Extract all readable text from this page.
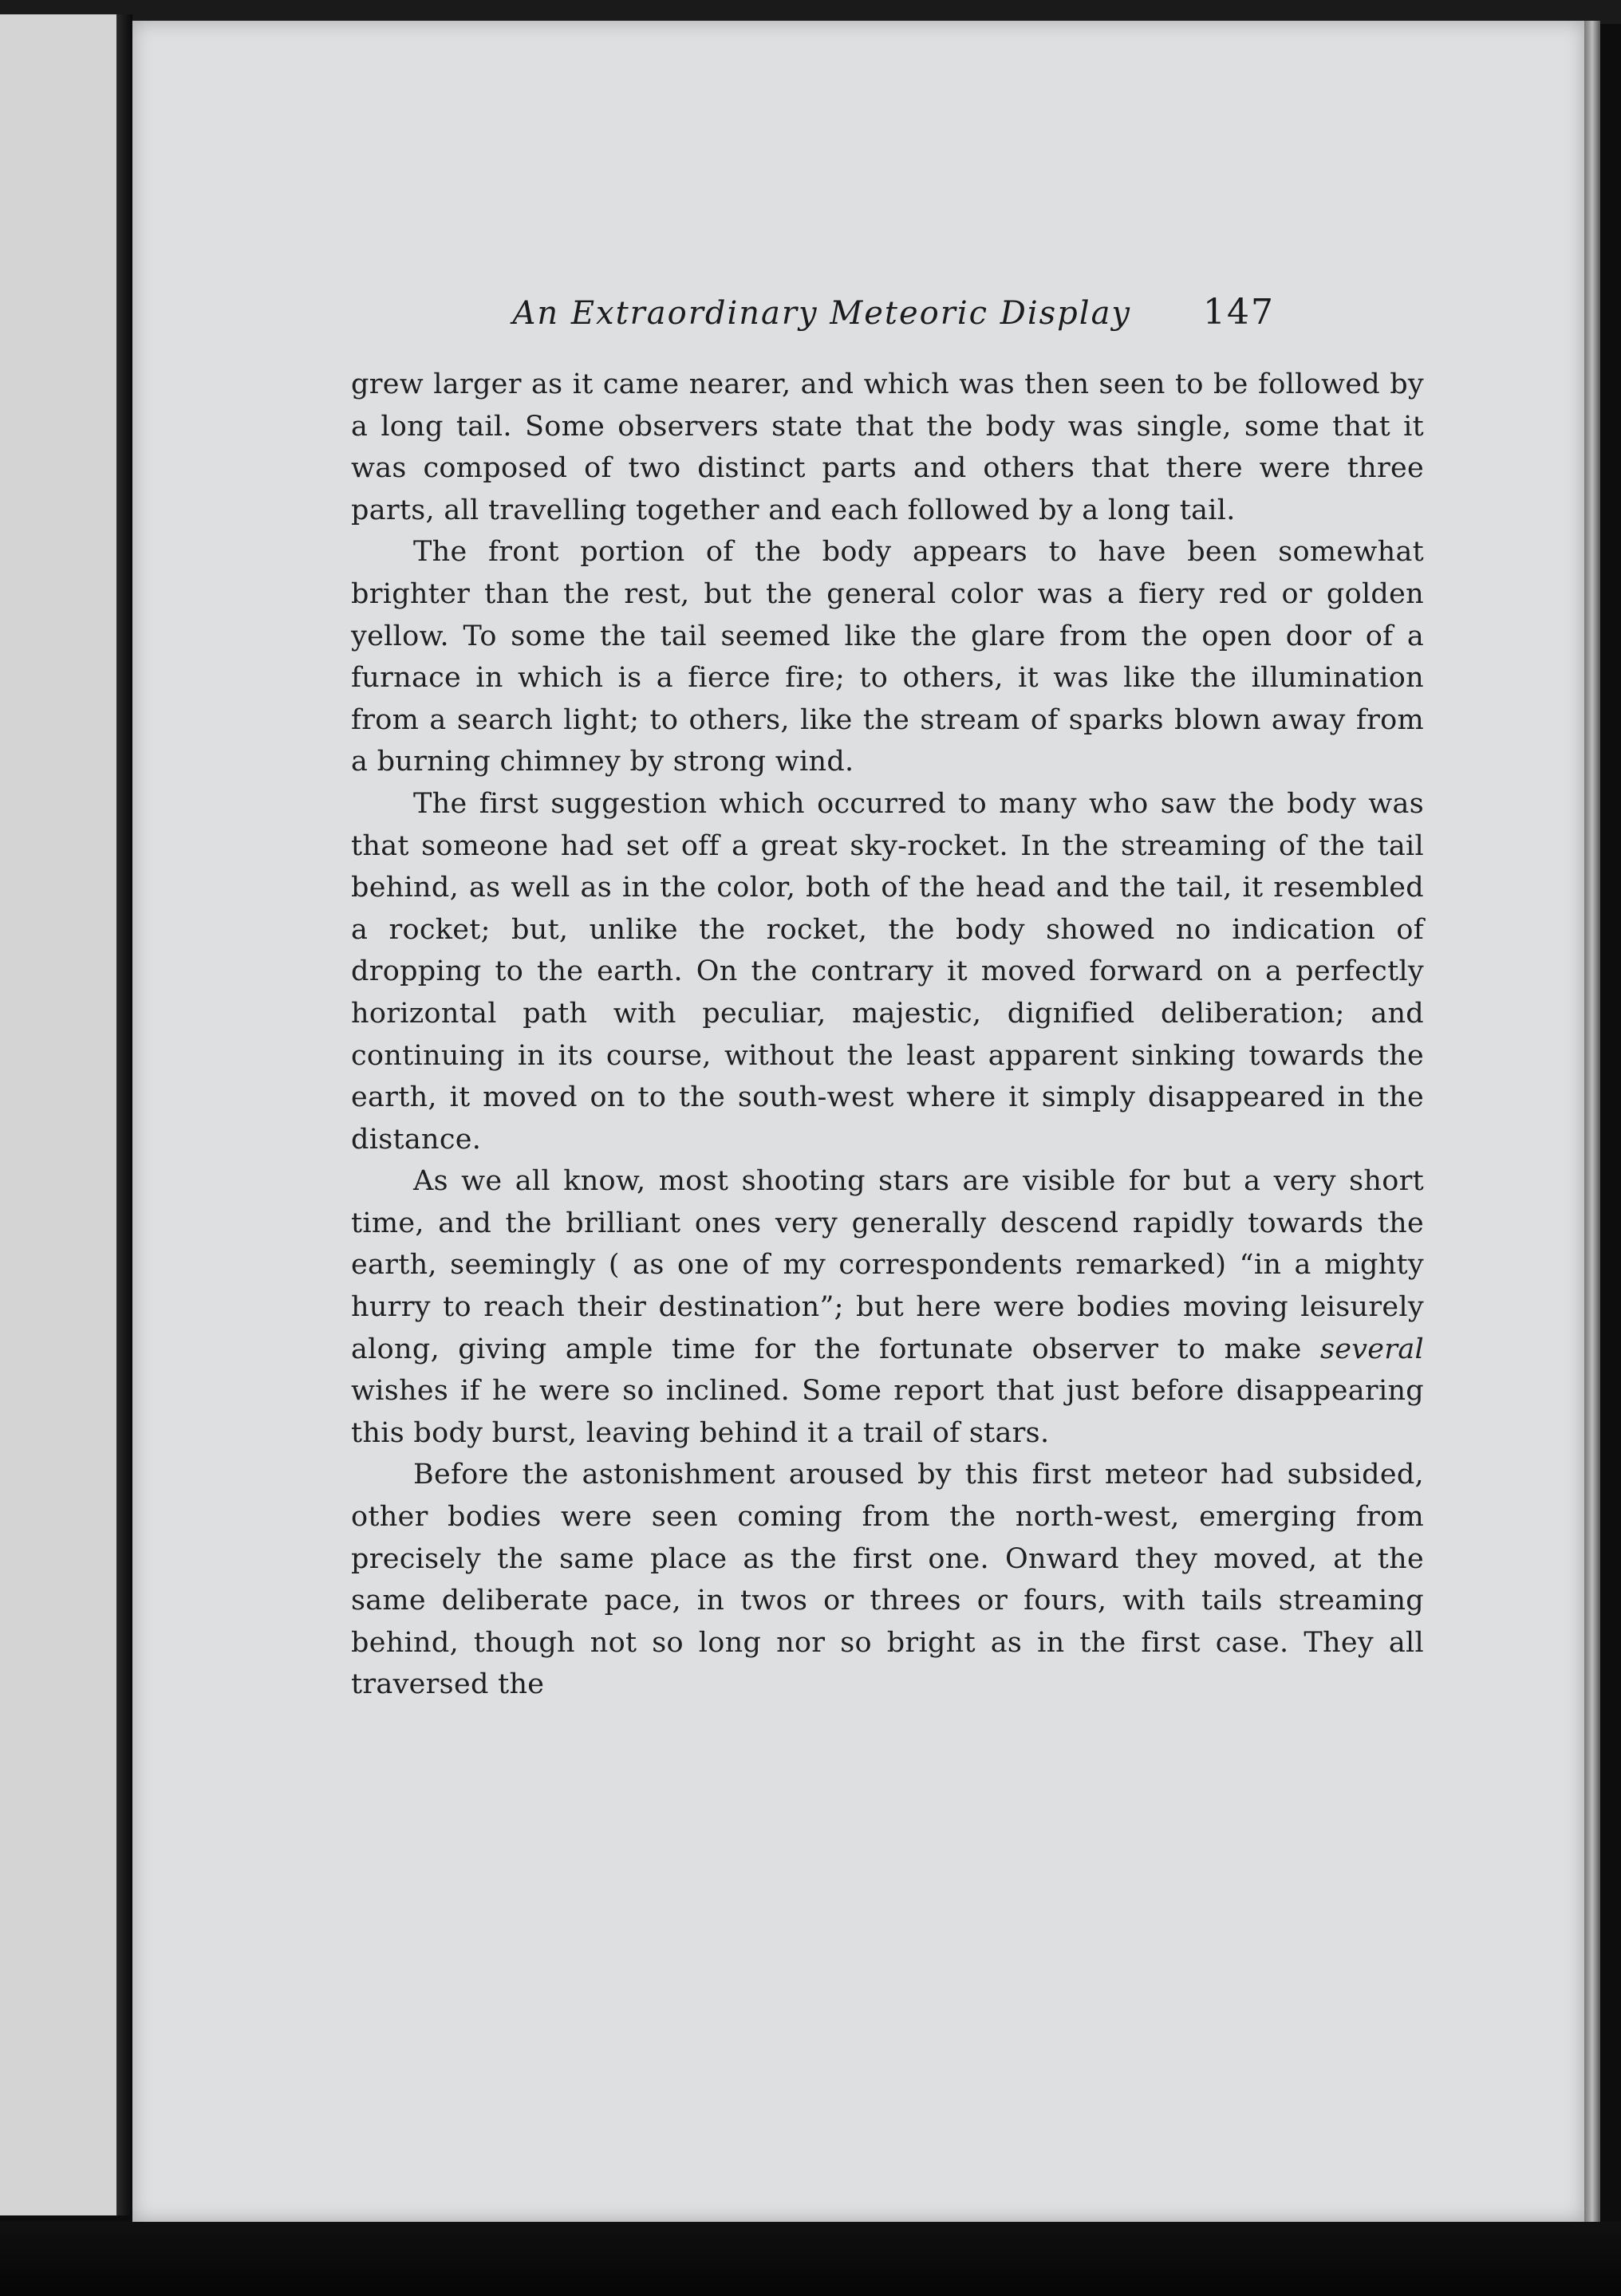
An Extraordinary Meteoric Display 147

grew larger as it came nearer, and which was then seen to be followed by a long tail. Some observers state that the body was single, some that it was composed of two distinct parts and others that there were three parts, all travelling together and each followed by a long tail.

The front portion of the body appears to have been somewhat brighter than the rest, but the general color was a fiery red or golden yellow. To some the tail seemed like the glare from the open door of a furnace in which is a fierce fire; to others, it was like the illumination from a search light; to others, like the stream of sparks blown away from a burning chimney by strong wind.

The first suggestion which occurred to many who saw the body was that someone had set off a great sky-rocket. In the streaming of the tail behind, as well as in the color, both of the head and the tail, it resembled a rocket; but, unlike the rocket, the body showed no indication of dropping to the earth. On the contrary it moved forward on a perfectly horizontal path with peculiar, majestic, dignified deliberation; and continuing in its course, without the least apparent sinking towards the earth, it moved on to the south-west where it simply disappeared in the distance.

As we all know, most shooting stars are visible for but a very short time, and the brilliant ones very generally descend rapidly towards the earth, seemingly ( as one of my correspondents remarked) “in a mighty hurry to reach their destination”; but here were bodies moving leisurely along, giving ample time for the fortunate observer to make several wishes if he were so inclined. Some report that just before disappearing this body burst, leaving behind it a trail of stars.

Before the astonishment aroused by this first meteor had subsided, other bodies were seen coming from the north-west, emerging from precisely the same place as the first one. Onward they moved, at the same deliberate pace, in twos or threes or fours, with tails streaming behind, though not so long nor so bright as in the first case. They all traversed the
